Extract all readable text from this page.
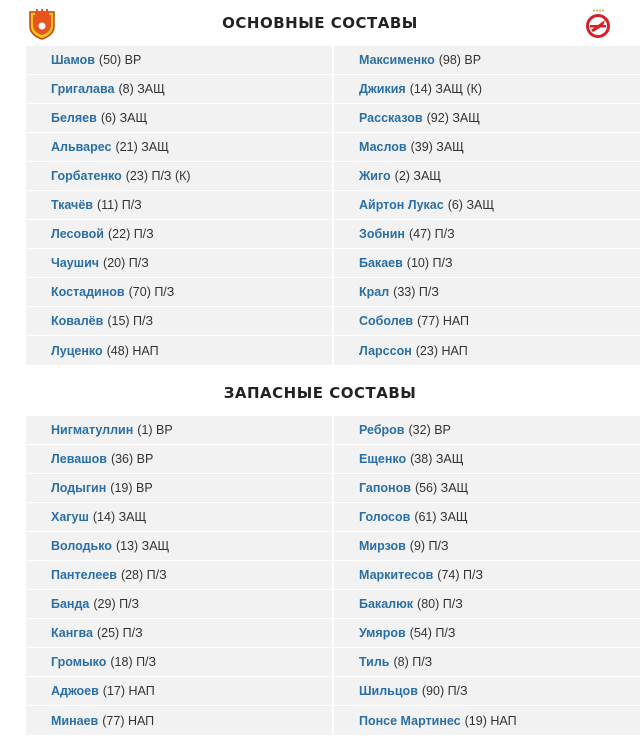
ОСНОВНЫЕ СОСТАВЫ
Шамов (50) ВР
Григалава (8) ЗАЩ
Беляев (6) ЗАЩ
Альварес (21) ЗАЩ
Горбатенко (23) П/З (К)
Ткачёв (11) П/З
Лесовой (22) П/З
Чаушич (20) П/З
Костадинов (70) П/З
Ковалёв (15) П/З
Луценко (48) НАП
Максименко (98) ВР
Джикия (14) ЗАЩ (К)
Рассказов (92) ЗАЩ
Маслов (39) ЗАЩ
Жиго (2) ЗАЩ
Айртон Лукас (6) ЗАЩ
Зобнин (47) П/З
Бакаев (10) П/З
Крал (33) П/З
Соболев (77) НАП
Ларссон (23) НАП
ЗАПАСНЫЕ СОСТАВЫ
Нигматуллин (1) ВР
Левашов (36) ВР
Лодыгин (19) ВР
Хагуш (14) ЗАЩ
Володько (13) ЗАЩ
Пантелеев (28) П/З
Банда (29) П/З
Кангва (25) П/З
Громыко (18) П/З
Аджоев (17) НАП
Минаев (77) НАП
Ребров (32) ВР
Ещенко (38) ЗАЩ
Гапонов (56) ЗАЩ
Голосов (61) ЗАЩ
Мирзов (9) П/З
Маркитесов (74) П/З
Бакалюк (80) П/З
Умяров (54) П/З
Тиль (8) П/З
Шильцов (90) П/З
Понсе Мартинес (19) НАП
